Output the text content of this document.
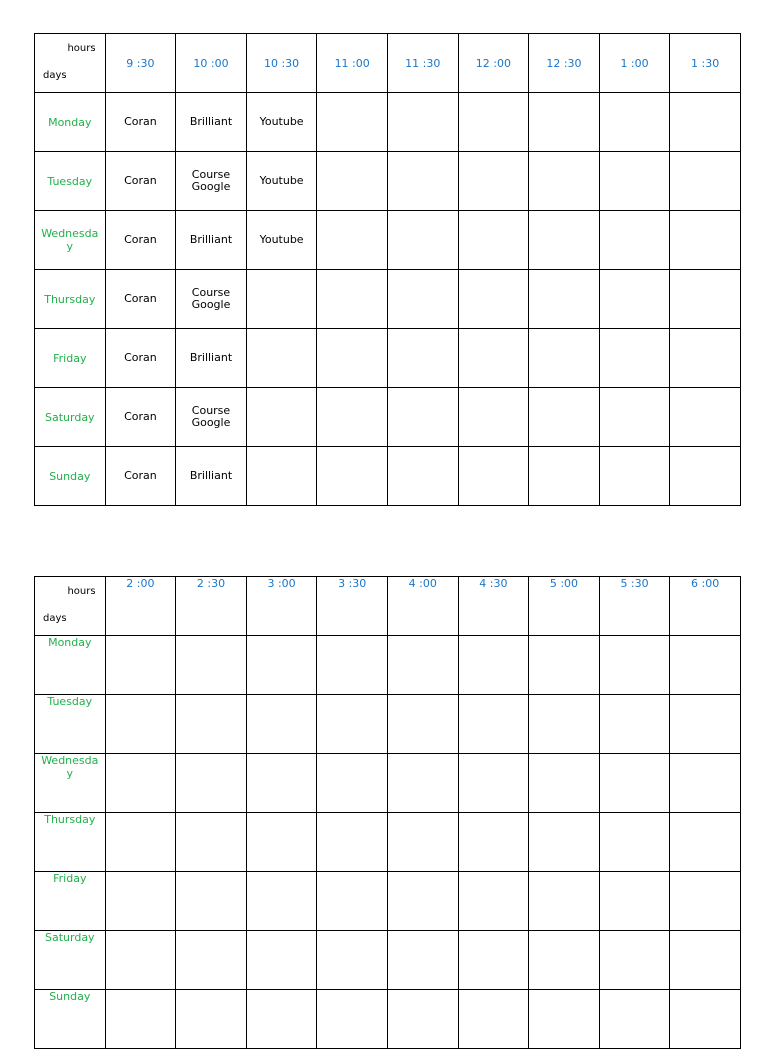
hours
days	9 :30	10 :00	10 :30	11 :00	11 :30	12 :00	12 :30	1 :00	1 :30
Monday	Coran	Brilliant	Youtube						
Tuesday	Coran	Course Google	Youtube						
Wednesday	Coran	Brilliant	Youtube						
Thursday	Coran	Course Google							
Friday	Coran	Brilliant							
Saturday	Coran	Course Google							
Sunday	Coran	Brilliant							
hours
days	2 :00	2 :30	3 :00	3 :30	4 :00	4 :30	5 :00	5 :30	6 :00
Monday									
Tuesday									
Wednesday									
Thursday									
Friday									
Saturday									
Sunday									
